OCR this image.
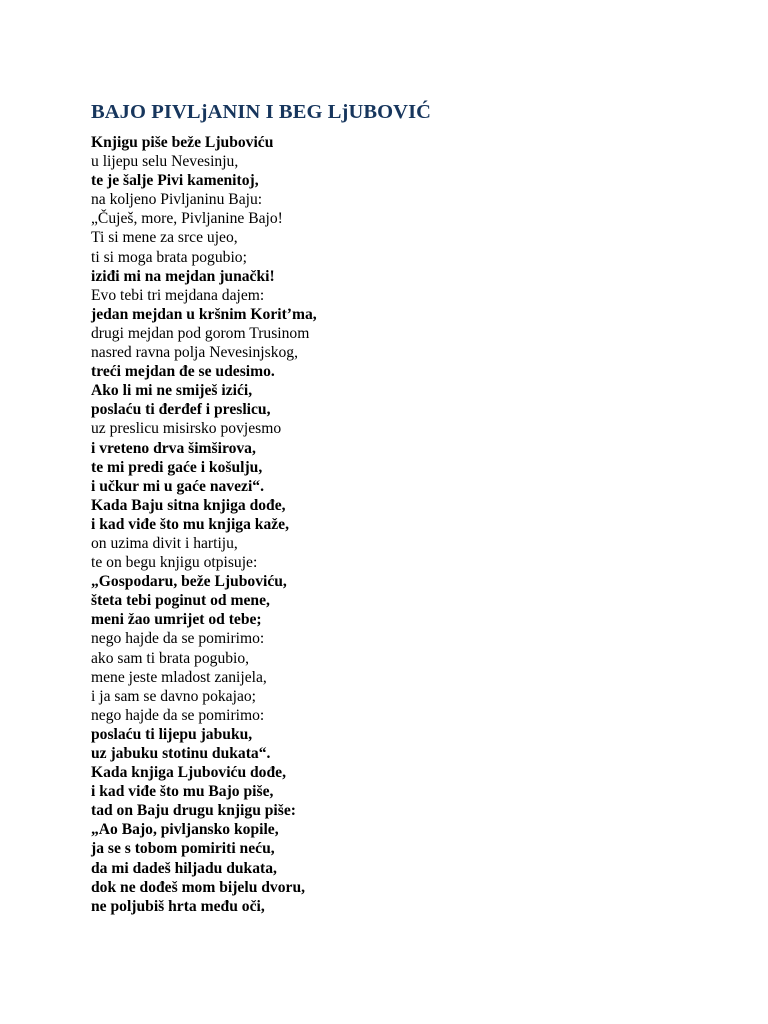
BAJO PIVLjANIN I BEG LjUBOVIĆ
Knjigu piše beže Ljuboviću
u lijepu selu Nevesinju,
te je šalje Pivi kamenitoj,
na koljeno Pivljaninu Baju:
„Čuješ, more, Pivljanine Bajo!
Ti si mene za srce ujeo,
ti si moga brata pogubio;
iziđi mi na mejdan junački!
Evo tebi tri mejdana dajem:
jedan mejdan u kršnim Korit’ma,
drugi mejdan pod gorom Trusinom
nasred ravna polja Nevesinjskog,
treći mejdan đe se udesimo.
Ako li mi ne smiješ izići,
poslaću ti đerđef i preslicu,
uz preslicu misirsko povjesmo
i vreteno drva šimširova,
te mi predi gaće i košulju,
i učkur mi u gaće navezi“.
Kada Baju sitna knjiga dođe,
i kad viđe što mu knjiga kaže,
on uzima divit i hartiju,
te on begu knjigu otpisuje:
„Gospodaru, beže Ljuboviću,
šteta tebi poginut od mene,
meni žao umrijet od tebe;
nego hajde da se pomirimo:
ako sam ti brata pogubio,
mene jeste mladost zanijela,
i ja sam se davno pokajao;
nego hajde da se pomirimo:
poslaću ti lijepu jabuku,
uz jabuku stotinu dukata“.
Kada knjiga Ljuboviću dođe,
i kad viđe što mu Bajo piše,
tad on Baju drugu knjigu piše:
„Ao Bajo, pivljansko kopile,
ja se s tobom pomiriti neću,
da mi dadeš hiljadu dukata,
dok ne dođeš mom bijelu dvoru,
ne poljubiš hrta među oči,
